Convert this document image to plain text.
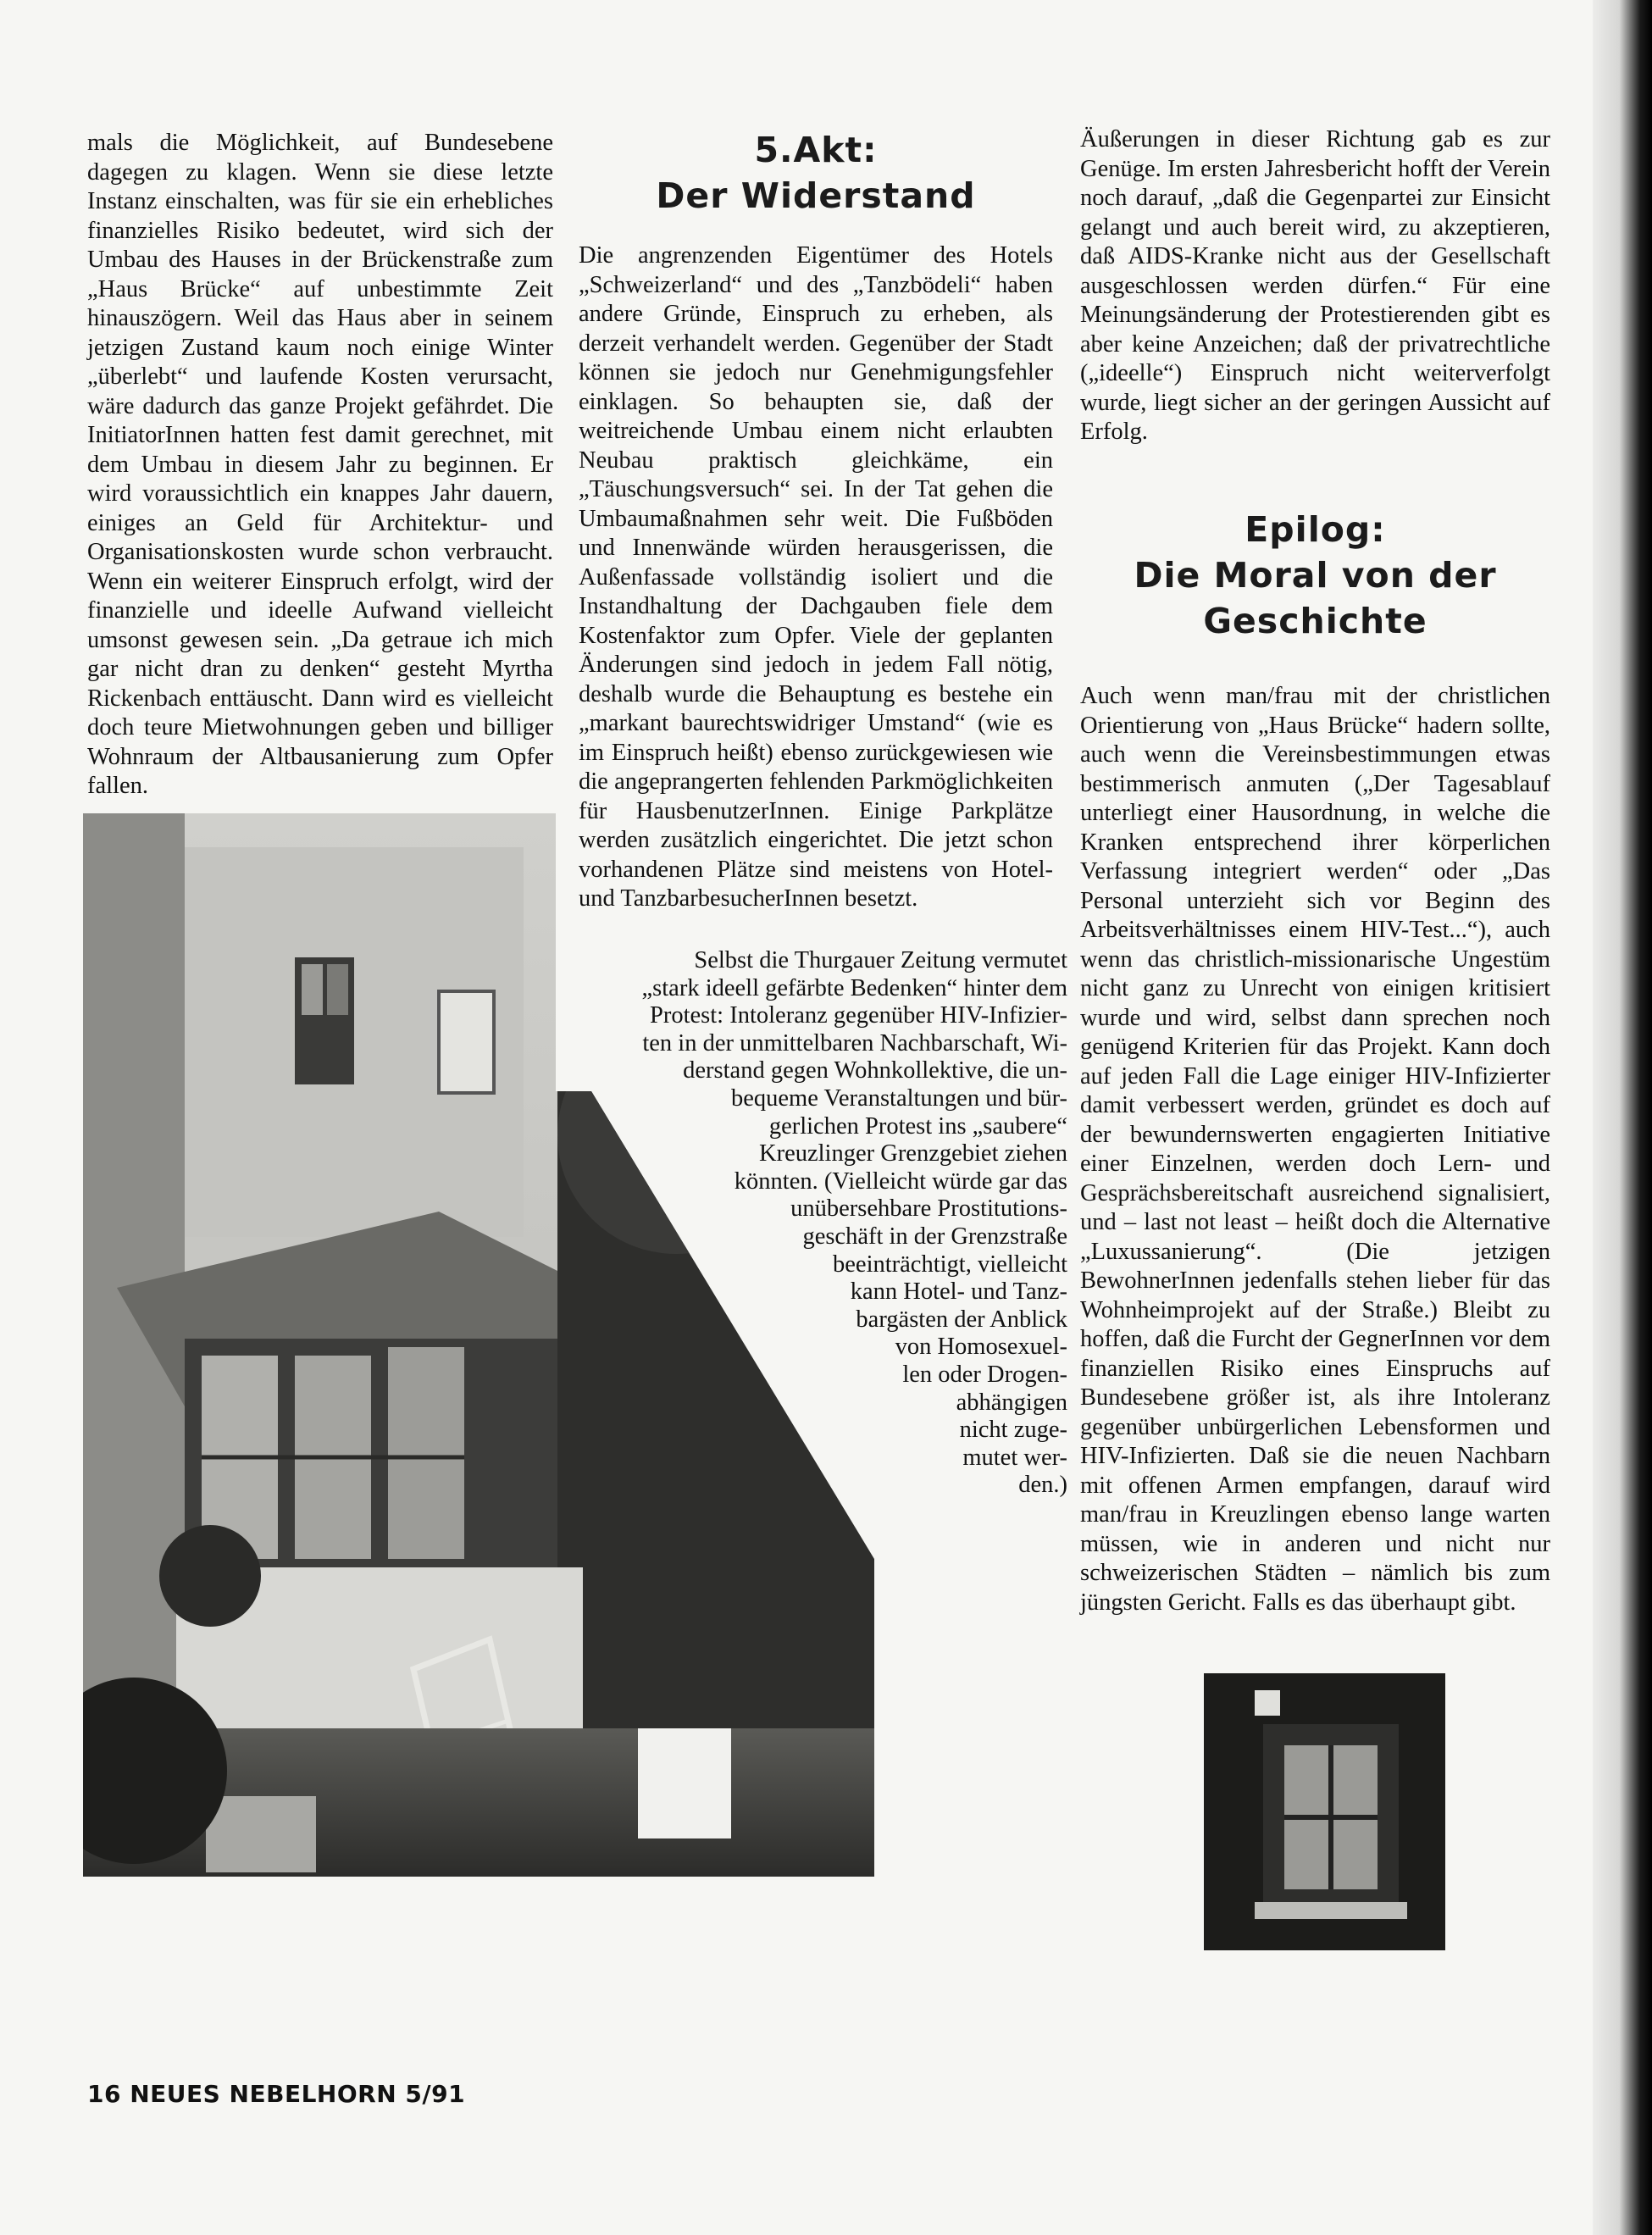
mals die Möglichkeit, auf Bundesebene dagegen zu klagen. Wenn sie diese letzte Instanz einschalten, was für sie ein erhebliches finanzielles Risiko bedeutet, wird sich der Umbau des Hauses in der Brückenstraße zum „Haus Brücke“ auf unbestimmte Zeit hinauszögern. Weil das Haus aber in seinem jetzigen Zustand kaum noch einige Winter „überlebt“ und laufende Kosten verursacht, wäre dadurch das ganze Projekt gefährdet. Die InitiatorInnen hatten fest damit gerechnet, mit dem Umbau in diesem Jahr zu beginnen. Er wird voraussichtlich ein knappes Jahr dauern, einiges an Geld für Architektur- und Organisationskosten wurde schon verbraucht. Wenn ein weiterer Einspruch erfolgt, wird der finanzielle und ideelle Aufwand vielleicht umsonst gewesen sein. „Da getraue ich mich gar nicht dran zu denken“ gesteht Myrtha Rickenbach enttäuscht. Dann wird es vielleicht doch teure Mietwohnungen geben und billiger Wohnraum der Altbausanierung zum Opfer fallen.

5.Akt:
Der Widerstand

Die angrenzenden Eigentümer des Hotels „Schweizerland“ und des „Tanzbödeli“ haben andere Gründe, Einspruch zu erheben, als derzeit verhandelt werden. Gegenüber der Stadt können sie jedoch nur Genehmigungsfehler einklagen. So behaupten sie, daß der weitreichende Umbau einem nicht erlaubten Neubau praktisch gleichkäme, ein „Täuschungsversuch“ sei. In der Tat gehen die Umbaumaßnahmen sehr weit. Die Fußböden und Innenwände würden herausgerissen, die Außenfassade vollständig isoliert und die Instandhaltung der Dachgauben fiele dem Kostenfaktor zum Opfer. Viele der geplanten Änderungen sind jedoch in jedem Fall nötig, deshalb wurde die Behauptung es bestehe ein „markant baurechtswidriger Umstand“ (wie es im Einspruch heißt) ebenso zurückgewiesen wie die angeprangerten fehlenden Parkmöglichkeiten für HausbenutzerInnen. Einige Parkplätze werden zusätzlich eingerichtet. Die jetzt schon vorhandenen Plätze sind meistens von Hotel- und TanzbarbesucherInnen besetzt.

Selbst die Thurgauer Zeitung vermutet
„stark ideell gefärbte Bedenken“ hinter dem
Protest: Intoleranz gegenüber HIV-Infizier-
ten in der unmittelbaren Nachbarschaft, Wi-
derstand gegen Wohnkollektive, die un-
bequeme Veranstaltungen und bür-
gerlichen Protest ins „saubere“
Kreuzlinger Grenzgebiet ziehen
könnten. (Vielleicht würde gar das
unübersehbare Prostitutions-
geschäft in der Grenzstraße
beeinträchtigt, vielleicht
kann Hotel- und Tanz-
bargästen der Anblick
von Homosexuel-
len oder Drogen-
abhängigen
nicht zuge-
mutet wer-
den.)

Äußerungen in dieser Richtung gab es zur Genüge. Im ersten Jahresbericht hofft der Verein noch darauf, „daß die Gegenpartei zur Einsicht gelangt und auch bereit wird, zu akzeptieren, daß AIDS-Kranke nicht aus der Gesellschaft ausgeschlossen werden dürfen.“ Für eine Meinungsänderung der Protestierenden gibt es aber keine Anzeichen; daß der privatrechtliche („ideelle“) Einspruch nicht weiterverfolgt wurde, liegt sicher an der geringen Aussicht auf Erfolg.

Epilog:
Die Moral von der
Geschichte

Auch wenn man/frau mit der christlichen Orientierung von „Haus Brücke“ hadern sollte, auch wenn die Vereinsbestimmungen etwas bestimmerisch anmuten („Der Tagesablauf unterliegt einer Hausordnung, in welche die Kranken entsprechend ihrer körperlichen Verfassung integriert werden“ oder „Das Personal unterzieht sich vor Beginn des Arbeitsverhältnisses einem HIV-Test...“), auch wenn das christlich-missionarische Ungestüm nicht ganz zu Unrecht von einigen kritisiert wurde und wird, selbst dann sprechen noch genügend Kriterien für das Projekt. Kann doch auf jeden Fall die Lage einiger HIV-Infizierter damit verbessert werden, gründet es doch auf der bewundernswerten engagierten Initiative einer Einzelnen, werden doch Lern- und Gesprächsbereitschaft ausreichend signalisiert, und – last not least – heißt doch die Alternative „Luxussanierung“. (Die jetzigen BewohnerInnen jedenfalls stehen lieber für das Wohnheimprojekt auf der Straße.) Bleibt zu hoffen, daß die Furcht der GegnerInnen vor dem finanziellen Risiko eines Einspruchs auf Bundesebene größer ist, als ihre Intoleranz gegenüber unbürgerlichen Lebensformen und HIV-Infizierten. Daß sie die neuen Nachbarn mit offenen Armen empfangen, darauf wird man/frau in Kreuzlingen ebenso lange warten müssen, wie in anderen und nicht nur schweizerischen Städten – nämlich bis zum jüngsten Gericht. Falls es das überhaupt gibt.

16 NEUES NEBELHORN 5/91
